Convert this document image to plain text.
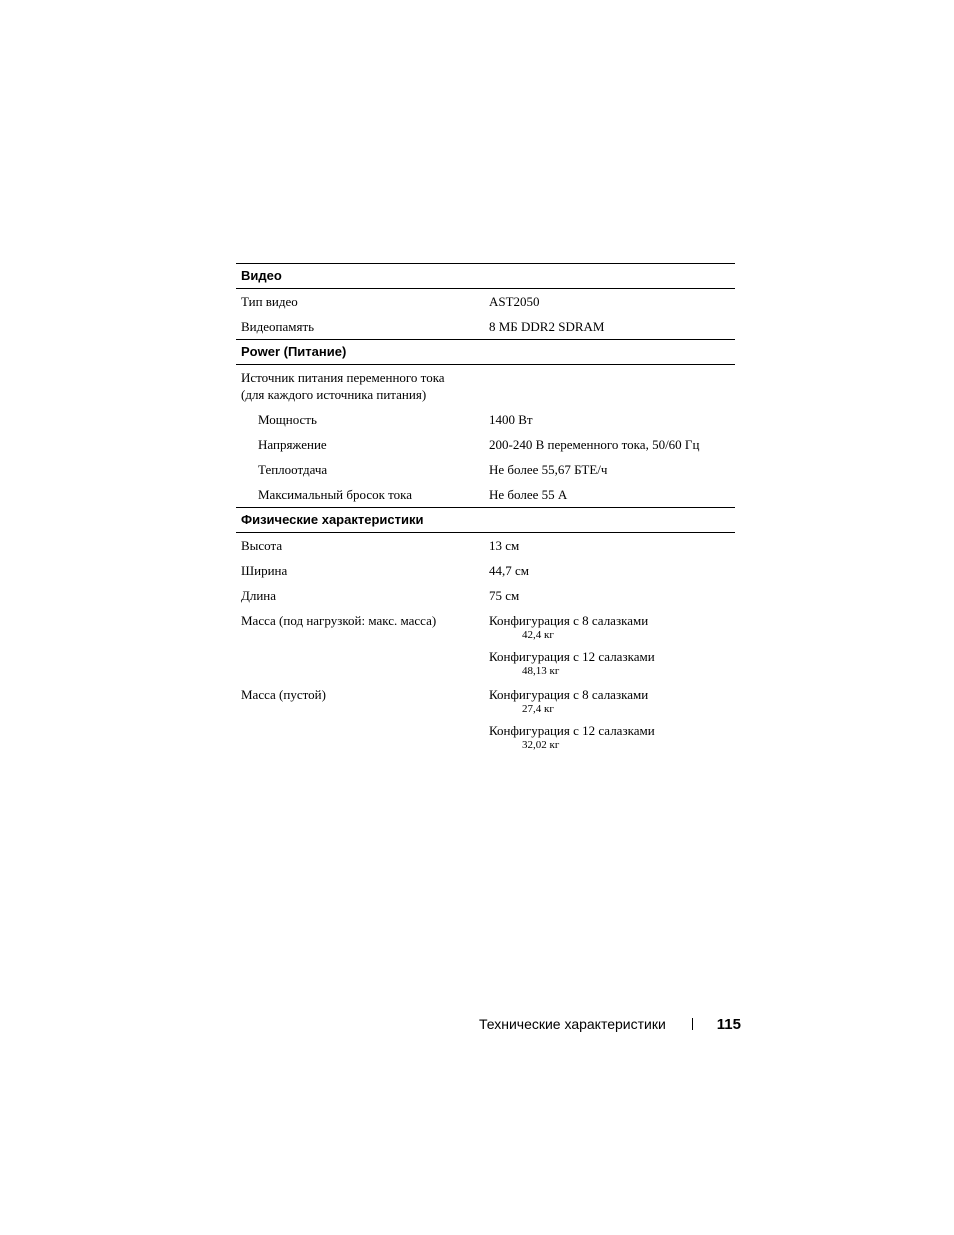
Видео
Тип видео	AST2050
Видеопамять	8 МБ DDR2 SDRAM
Power (Питание)
Источник питания переменного тока
(для каждого источника питания)
Мощность	1400 Вт
Напряжение	200-240 В переменного тока, 50/60 Гц
Теплоотдача	Не более 55,67 БТЕ/ч
Максимальный бросок тока	Не более 55 A
Физические характеристики
Высота	13 см
Ширина	44,7 см
Длина	75 см
Масса (под нагрузкой: макс. масса)	Конфигурация с 8 салазками
42,4 кг
Конфигурация с 12 салазками
48,13 кг
Масса (пустой)	Конфигурация с 8 салазками
27,4 кг
Конфигурация с 12 салазками
32,02 кг
Технические характеристики	115
